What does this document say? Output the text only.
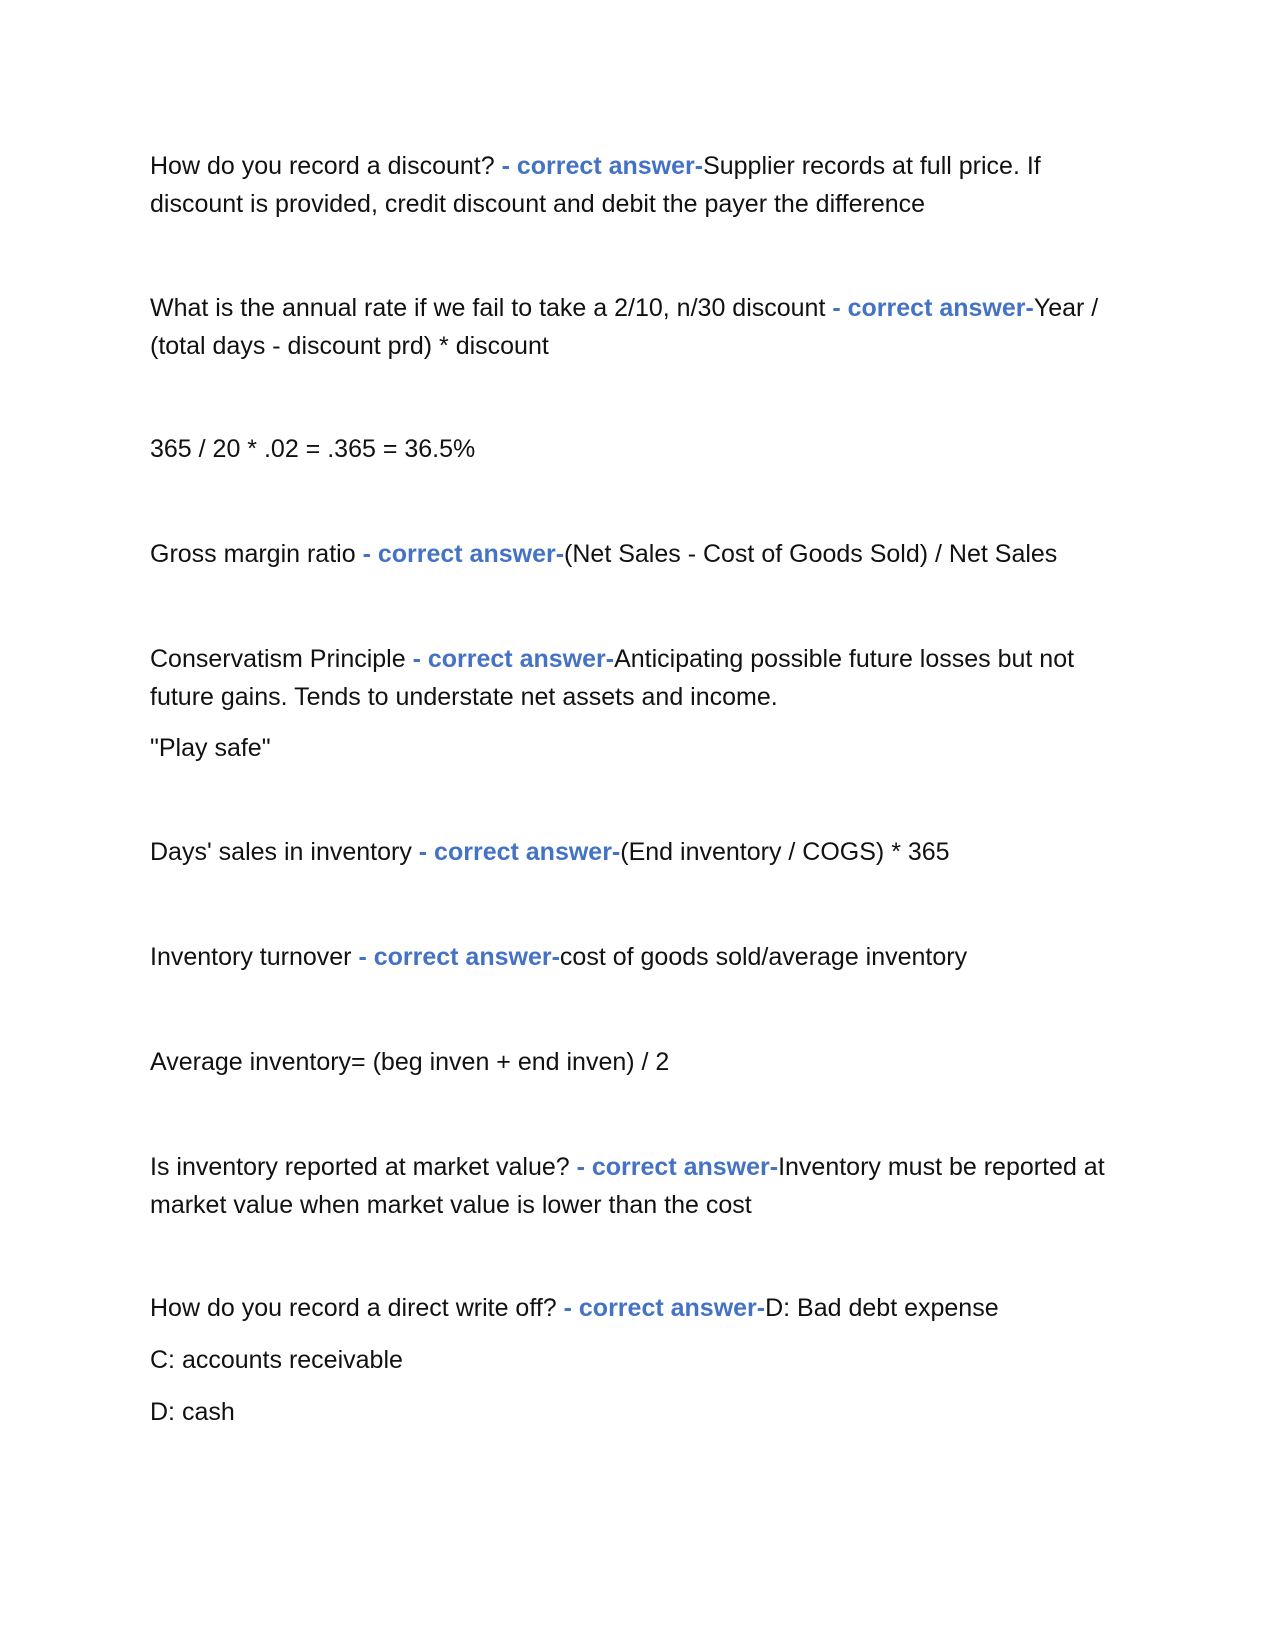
How do you record a discount? - correct answer-Supplier records at full price. If discount is provided, credit discount and debit the payer the difference

What is the annual rate if we fail to take a 2/10, n/30 discount - correct answer-Year / (total days - discount prd) * discount

365 / 20 * .02 = .365 = 36.5%

Gross margin ratio - correct answer-(Net Sales - Cost of Goods Sold) / Net Sales

Conservatism Principle - correct answer-Anticipating possible future losses but not future gains. Tends to understate net assets and income.

"Play safe"

Days' sales in inventory - correct answer-(End inventory / COGS) * 365

Inventory turnover - correct answer-cost of goods sold/average inventory

Average inventory= (beg inven + end inven) / 2

Is inventory reported at market value? - correct answer-Inventory must be reported at market value when market value is lower than the cost

How do you record a direct write off? - correct answer-D: Bad debt expense

C: accounts receivable

D: cash
